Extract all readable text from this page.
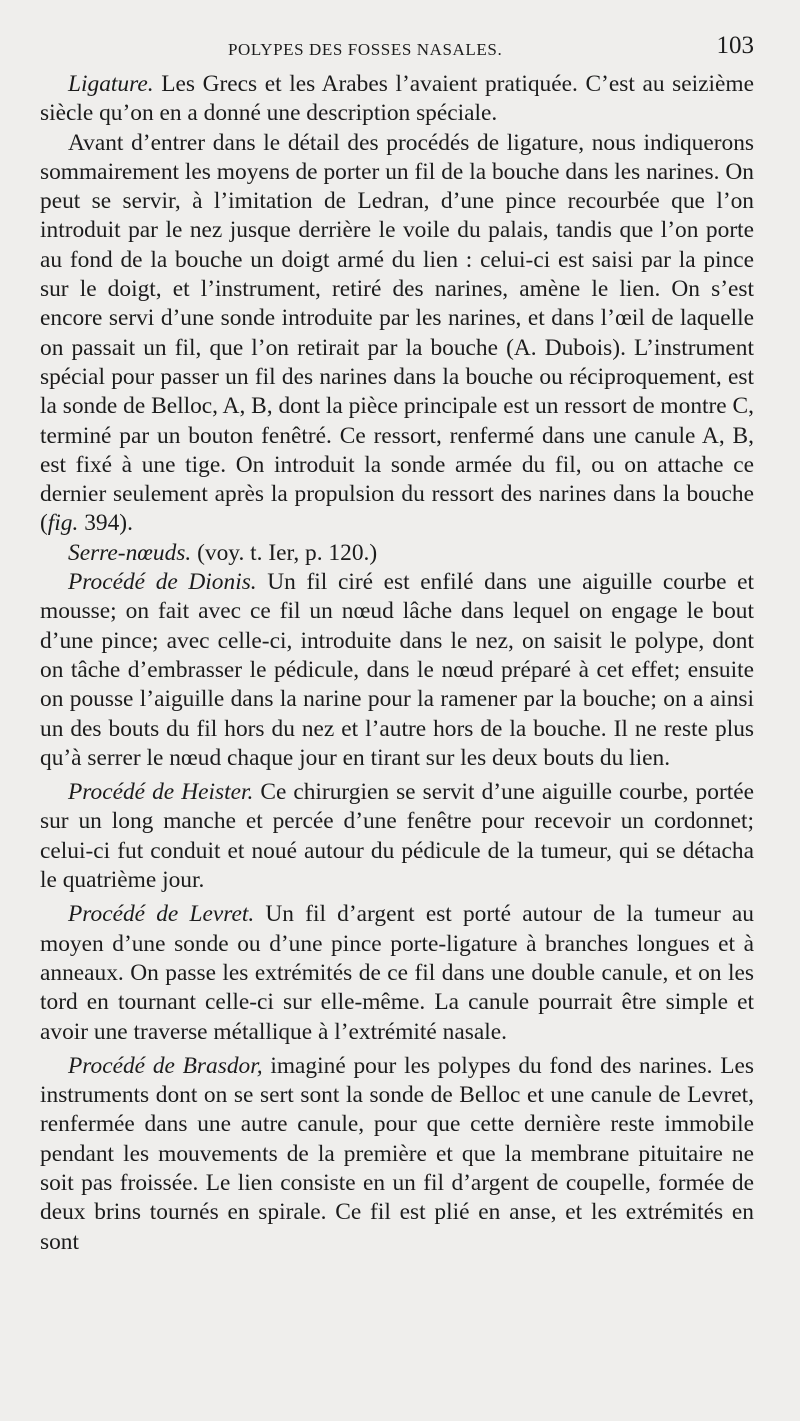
POLYPES DES FOSSES NASALES.	103

Ligature. Les Grecs et les Arabes l’avaient pratiquée. C’est au seizième siècle qu’on en a donné une description spéciale.

Avant d’entrer dans le détail des procédés de ligature, nous indiquerons sommairement les moyens de porter un fil de la bouche dans les narines. On peut se servir, à l’imitation de Ledran, d’une pince recourbée que l’on introduit par le nez jusque derrière le voile du palais, tandis que l’on porte au fond de la bouche un doigt armé du lien : celui-ci est saisi par la pince sur le doigt, et l’instrument, retiré des narines, amène le lien. On s’est encore servi d’une sonde introduite par les narines, et dans l’œil de laquelle on passait un fil, que l’on retirait par la bouche (A. Dubois). L’instrument spécial pour passer un fil des narines dans la bouche ou réciproquement, est la sonde de Belloc, A, B, dont la pièce principale est un ressort de montre C, terminé par un bouton fenêtré. Ce ressort, renfermé dans une canule A, B, est fixé à une tige. On introduit la sonde armée du fil, ou on attache ce dernier seulement après la propulsion du ressort des narines dans la bouche (fig. 394).

Serre-nœuds. (voy. t. Ier, p. 120.)

Procédé de Dionis. Un fil ciré est enfilé dans une aiguille courbe et mousse; on fait avec ce fil un nœud lâche dans lequel on engage le bout d’une pince; avec celle-ci, introduite dans le nez, on saisit le polype, dont on tâche d’embrasser le pédicule, dans le nœud préparé à cet effet; ensuite on pousse l’aiguille dans la narine pour la ramener par la bouche; on a ainsi un des bouts du fil hors du nez et l’autre hors de la bouche. Il ne reste plus qu’à serrer le nœud chaque jour en tirant sur les deux bouts du lien.

Procédé de Heister. Ce chirurgien se servit d’une aiguille courbe, portée sur un long manche et percée d’une fenêtre pour recevoir un cordonnet; celui-ci fut conduit et noué autour du pédicule de la tumeur, qui se détacha le quatrième jour.

Procédé de Levret. Un fil d’argent est porté autour de la tumeur au moyen d’une sonde ou d’une pince porte-ligature à branches longues et à anneaux. On passe les extrémités de ce fil dans une double canule, et on les tord en tournant celle-ci sur elle-même. La canule pourrait être simple et avoir une traverse métallique à l’extrémité nasale.

Procédé de Brasdor, imaginé pour les polypes du fond des narines. Les instruments dont on se sert sont la sonde de Belloc et une canule de Levret, renfermée dans une autre canule, pour que cette dernière reste immobile pendant les mouvements de la première et que la membrane pituitaire ne soit pas froissée. Le lien consiste en un fil d’argent de coupelle, formée de deux brins tournés en spirale. Ce fil est plié en anse, et les extrémités en sont
